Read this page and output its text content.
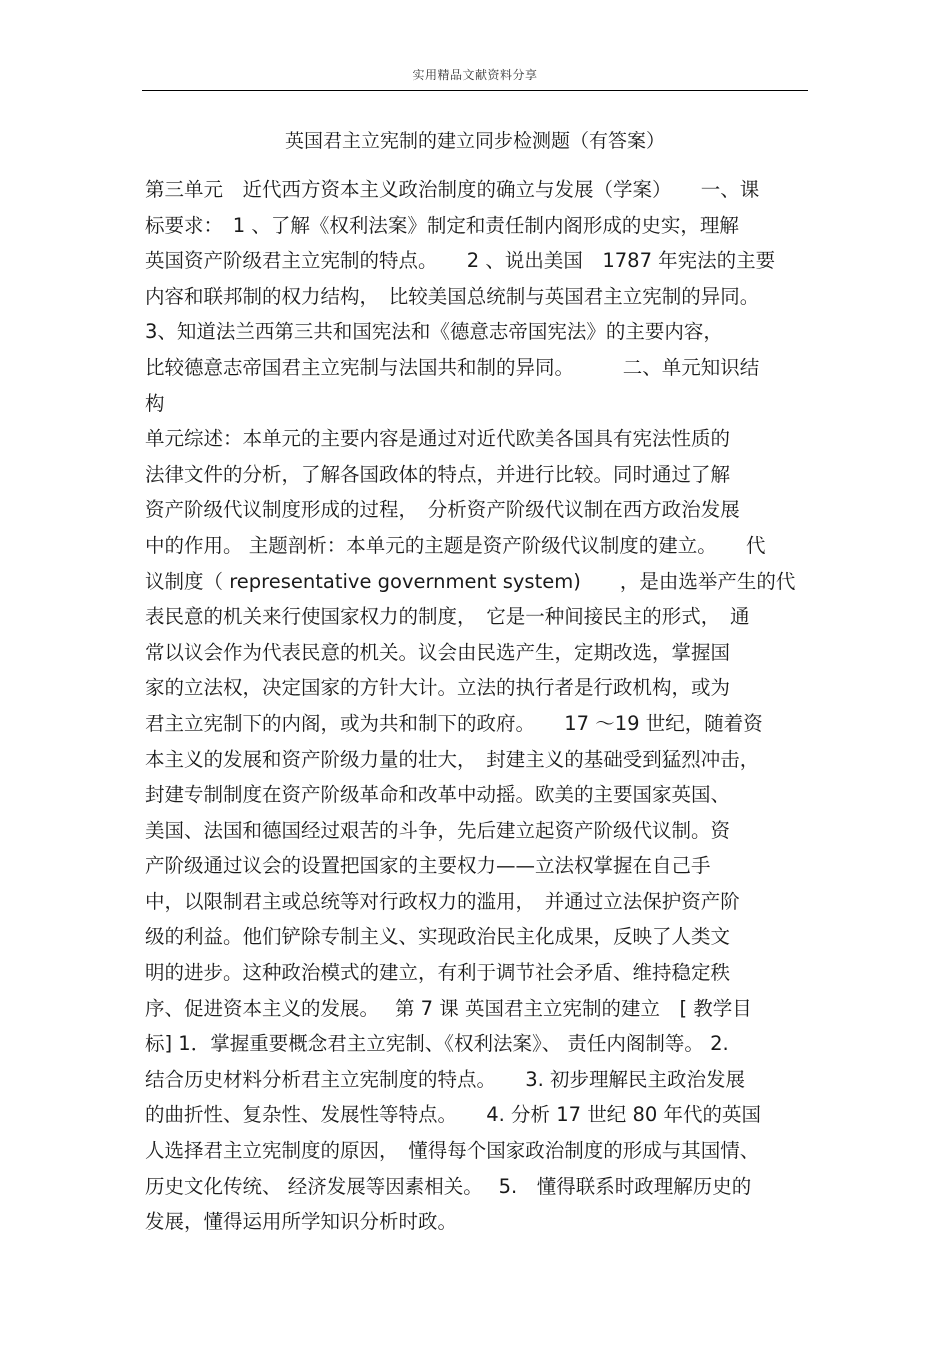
实用精品文献资料分享
英国君主立宪制的建立同步检测题（有答案）
第三单元　近代西方资本主义政治制度的确立与发展（学案）　　一、课
标要求：　1 、了解《权利法案》制定和责任制内阁形成的史实，理解
英国资产阶级君主立宪制的特点。　　2 、说出美国　1787 年宪法的主要
内容和联邦制的权力结构，　比较美国总统制与英国君主立宪制的异同。
3、知道法兰西第三共和国宪法和《德意志帝国宪法》的主要内容，
比较德意志帝国君主立宪制与法国共和制的异同。　　　二、单元知识结
构
单元综述：本单元的主要内容是通过对近代欧美各国具有宪法性质的
法律文件的分析，了解各国政体的特点，并进行比较。同时通过了解
资产阶级代议制度形成的过程，　分析资产阶级代议制在西方政治发展
中的作用。 主题剖析：本单元的主题是资产阶级代议制度的建立。　　代
议制度（ representative government system)　　，是由选举产生的代
表民意的机关来行使国家权力的制度，　它是一种间接民主的形式，　通
常以议会作为代表民意的机关。议会由民选产生，定期改选，掌握国
家的立法权，决定国家的方针大计。立法的执行者是行政机构，或为
君主立宪制下的内阁，或为共和制下的政府。　　17 ～19 世纪，随着资
本主义的发展和资产阶级力量的壮大，　封建主义的基础受到猛烈冲击，
封建专制制度在资产阶级革命和改革中动摇。欧美的主要国家英国、
美国、法国和德国经过艰苦的斗争，先后建立起资产阶级代议制。资
产阶级通过议会的设置把国家的主要权力——立法权掌握在自己手
中，以限制君主或总统等对行政权力的滥用，　并通过立法保护资产阶
级的利益。他们铲除专制主义、实现政治民主化成果，反映了人类文
明的进步。这种政治模式的建立，有利于调节社会矛盾、维持稳定秩
序、促进资本主义的发展。　 第 7 课 英国君主立宪制的建立　[ 教学目
标] 1．掌握重要概念君主立宪制、《权利法案》、 责任内阁制等。 2.
结合历史材料分析君主立宪制度的特点。　　3. 初步理解民主政治发展
的曲折性、复杂性、发展性等特点。　　4. 分析 17 世纪 80 年代的英国
人选择君主立宪制度的原因，　懂得每个国家政治制度的形成与其国情、
历史文化传统、 经济发展等因素相关。　 5.　懂得联系时政理解历史的
发展，懂得运用所学知识分析时政。
